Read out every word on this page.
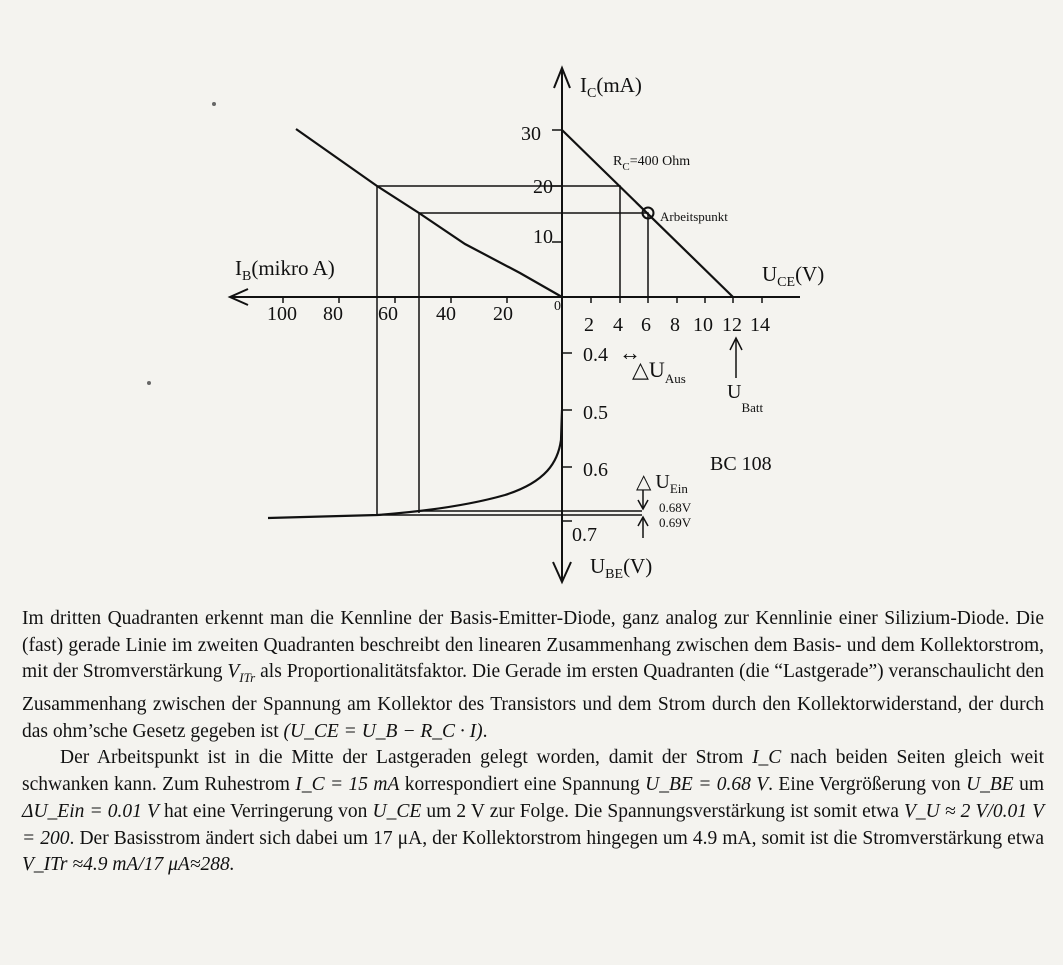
$I_C(mA)$
$I_B(mikro$ A)	$U_{CE}(V)$
$U_{BE}(V)$
30
20
10
0
100 80 60 40 20	2 4 6 8 10 12 14
0.4
0.5
0.6
0.7
$R_C=400$ Ohm
Arbeitspunkt
↔
$\triangle U_{Aus}$
$U_{Batt}$
BC 108
△ $U_{Ein}$
0.68V
0.69V

Im dritten Quadranten erkennt man die Kennline der Basis-Emitter-Diode, ganz analog zur Kennlinie einer Silizium-Diode. Die (fast) gerade Linie im zweiten Quadranten beschreibt den linearen Zusammenhang zwischen dem Basis- und dem Kollektorstrom, mit der Stromverstärkung $V_{ITr}$ als Proportionalitätsfaktor. Die Gerade im ersten Quadranten (die “Lastgerade”) veranschaulicht den Zusammenhang zwischen der Spannung am Kollektor des Transistors und dem Strom durch den Kollektorwiderstand, der durch das ohm’sche Gesetz gegeben ist (U_CE = U_B − R_C · I).

Der Arbeitspunkt ist in die Mitte der Lastgeraden gelegt worden, damit der Strom I_C nach beiden Seiten gleich weit schwanken kann. Zum Ruhestrom I_C = 15 mA korrespondiert eine Spannung U_BE = 0.68 V. Eine Vergrößerung von U_BE um ΔU_Ein = 0.01 V hat eine Verringerung von U_CE um 2 V zur Folge. Die Spannungsverstärkung ist somit etwa V_U ≈ 2 V/0.01 V = 200. Der Basisstrom ändert sich dabei um 17 μA, der Kollektorstrom hingegen um 4.9 mA, somit ist die Stromverstärkung etwa V_ITr ≈4.9 mA/17 μA≈288.
